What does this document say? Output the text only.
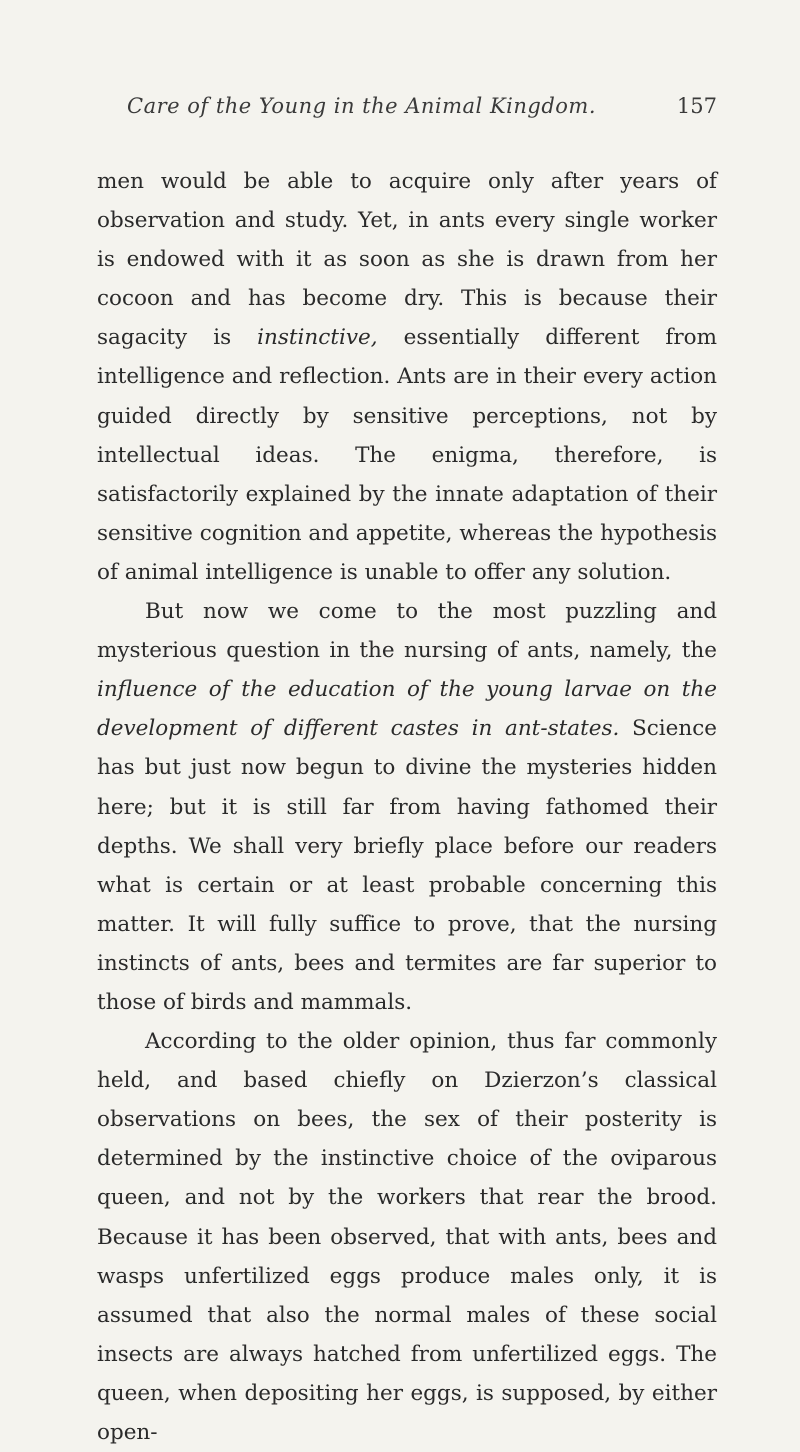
Care of the Young in the Animal Kingdom.	157

men would be able to acquire only after years of observation and study. Yet, in ants every single worker is endowed with it as soon as she is drawn from her cocoon and has become dry. This is because their sagacity is instinctive, essentially different from intelligence and reflection. Ants are in their every action guided directly by sensitive perceptions, not by intellectual ideas. The enigma, therefore, is satisfactorily explained by the innate adaptation of their sensitive cognition and appetite, whereas the hypothesis of animal intelligence is unable to offer any solution.

But now we come to the most puzzling and mysterious question in the nursing of ants, namely, the influence of the education of the young larvae on the development of different castes in ant-states. Science has but just now begun to divine the mysteries hidden here; but it is still far from having fathomed their depths. We shall very briefly place before our readers what is certain or at least probable concerning this matter. It will fully suffice to prove, that the nursing instincts of ants, bees and termites are far superior to those of birds and mammals.

According to the older opinion, thus far commonly held, and based chiefly on Dzierzon’s classical observations on bees, the sex of their posterity is determined by the instinctive choice of the oviparous queen, and not by the workers that rear the brood. Because it has been observed, that with ants, bees and wasps unfertilized eggs produce males only, it is assumed that also the normal males of these social insects are always hatched from unfertilized eggs. The queen, when depositing her eggs, is supposed, by either open-
